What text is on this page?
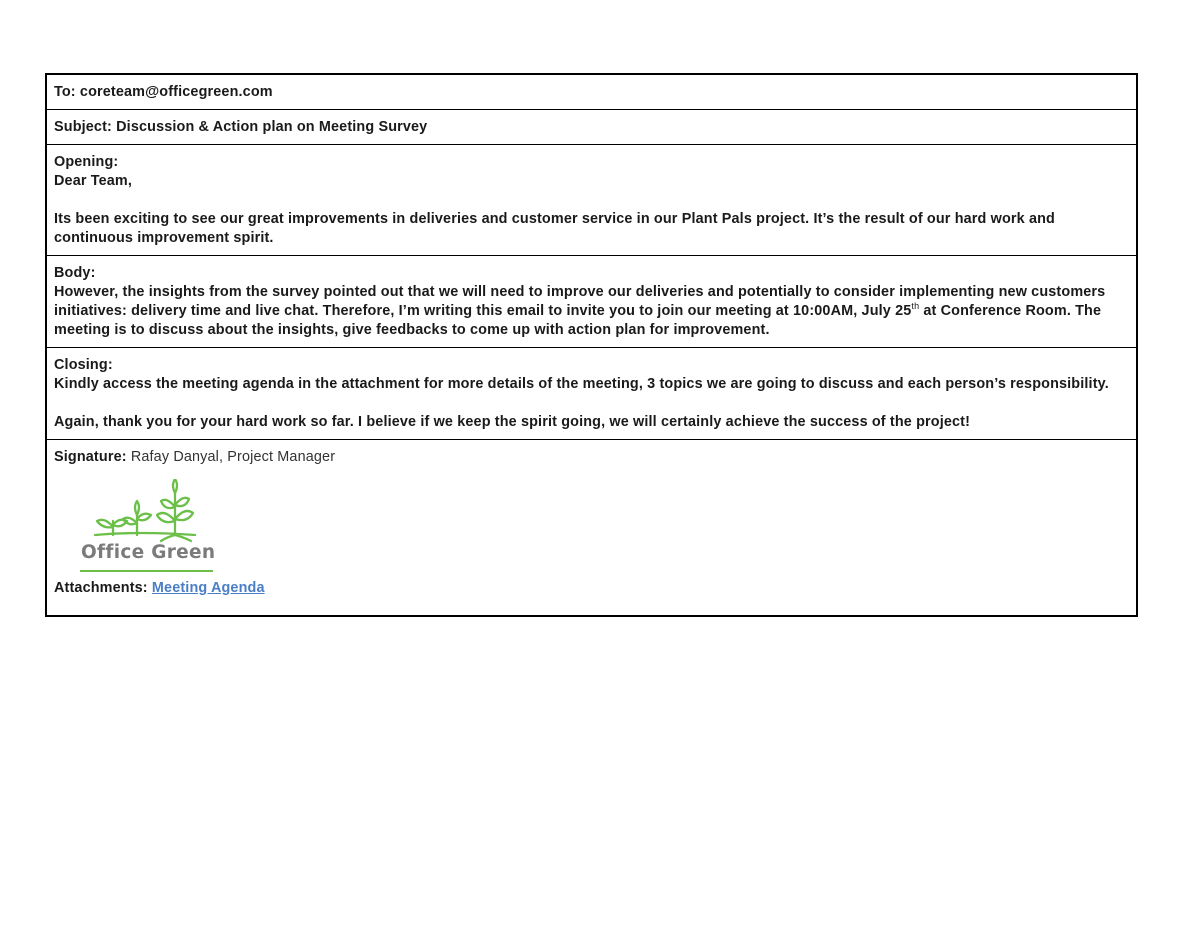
To: coreteam@officegreen.com
Subject: Discussion & Action plan on Meeting Survey

Opening:

Dear Team,

Its been exciting to see our great improvements in deliveries and customer service in our Plant Pals project. It’s the result of our hard work and continuous improvement spirit.

Body:

However, the insights from the survey pointed out that we will need to improve our deliveries and potentially to consider implementing new customers initiatives: delivery time and live chat. Therefore, I’m writing this email to invite you to join our meeting at 10:00AM, July 25th at Conference Room. The meeting is to discuss about the insights, give feedbacks to come up with action plan for improvement.

Closing:

Kindly access the meeting agenda in the attachment for more details of the meeting, 3 topics we are going to discuss and each person’s responsibility.

Again, thank you for your hard work so far. I believe if we keep the spirit going, we will certainly achieve the success of the project!

Signature: Rafay Danyal, Project Manager

Office Green

Attachments: Meeting Agenda
